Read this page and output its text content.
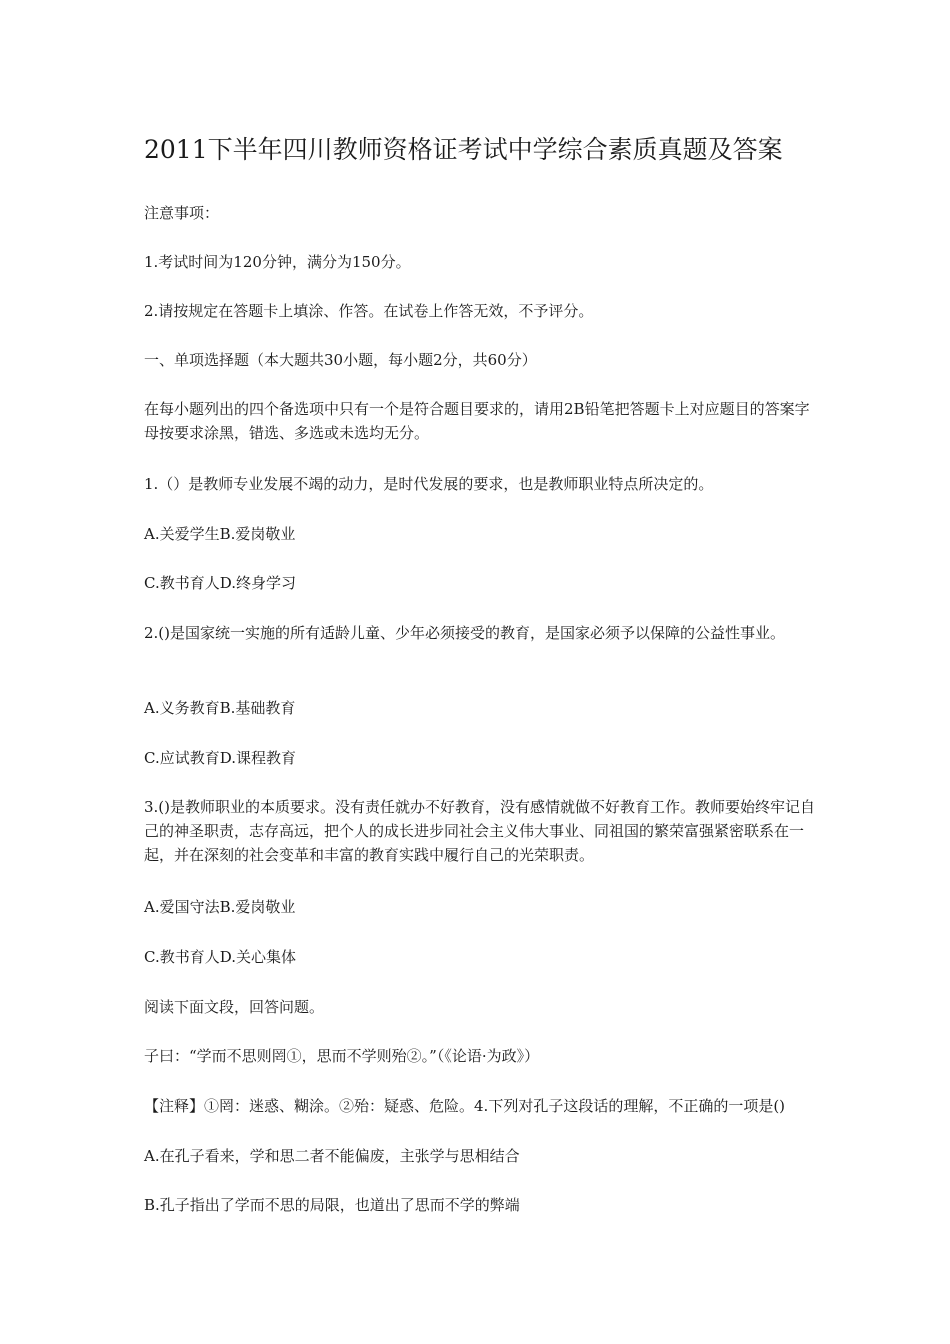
2011下半年四川教师资格证考试中学综合素质真题及答案

注意事项：

1.考试时间为120分钟，满分为150分。

2.请按规定在答题卡上填涂、作答。在试卷上作答无效，不予评分。

一、单项选择题（本大题共30小题，每小题2分，共60分）

在每小题列出的四个备选项中只有一个是符合题目要求的，请用2B铅笔把答题卡上对应题目的答案字母按要求涂黑，错选、多选或未选均无分。

1.（）是教师专业发展不竭的动力，是时代发展的要求，也是教师职业特点所决定的。

A.关爱学生B.爱岗敬业

C.教书育人D.终身学习

2.()是国家统一实施的所有适龄儿童、少年必须接受的教育，是国家必须予以保障的公益性事业。

A.义务教育B.基础教育

C.应试教育D.课程教育

3.()是教师职业的本质要求。没有责任就办不好教育，没有感情就做不好教育工作。教师要始终牢记自己的神圣职责，志存高远，把个人的成长进步同社会主义伟大事业、同祖国的繁荣富强紧密联系在一起，并在深刻的社会变革和丰富的教育实践中履行自己的光荣职责。

A.爱国守法B.爱岗敬业

C.教书育人D.关心集体

阅读下面文段，回答问题。

子曰：“学而不思则罔①，思而不学则殆②。”（《论语·为政》）

【注释】①罔：迷惑、糊涂。②殆：疑惑、危险。4.下列对孔子这段话的理解，不正确的一项是()

A.在孔子看来，学和思二者不能偏废，主张学与思相结合

B.孔子指出了学而不思的局限，也道出了思而不学的弊端
